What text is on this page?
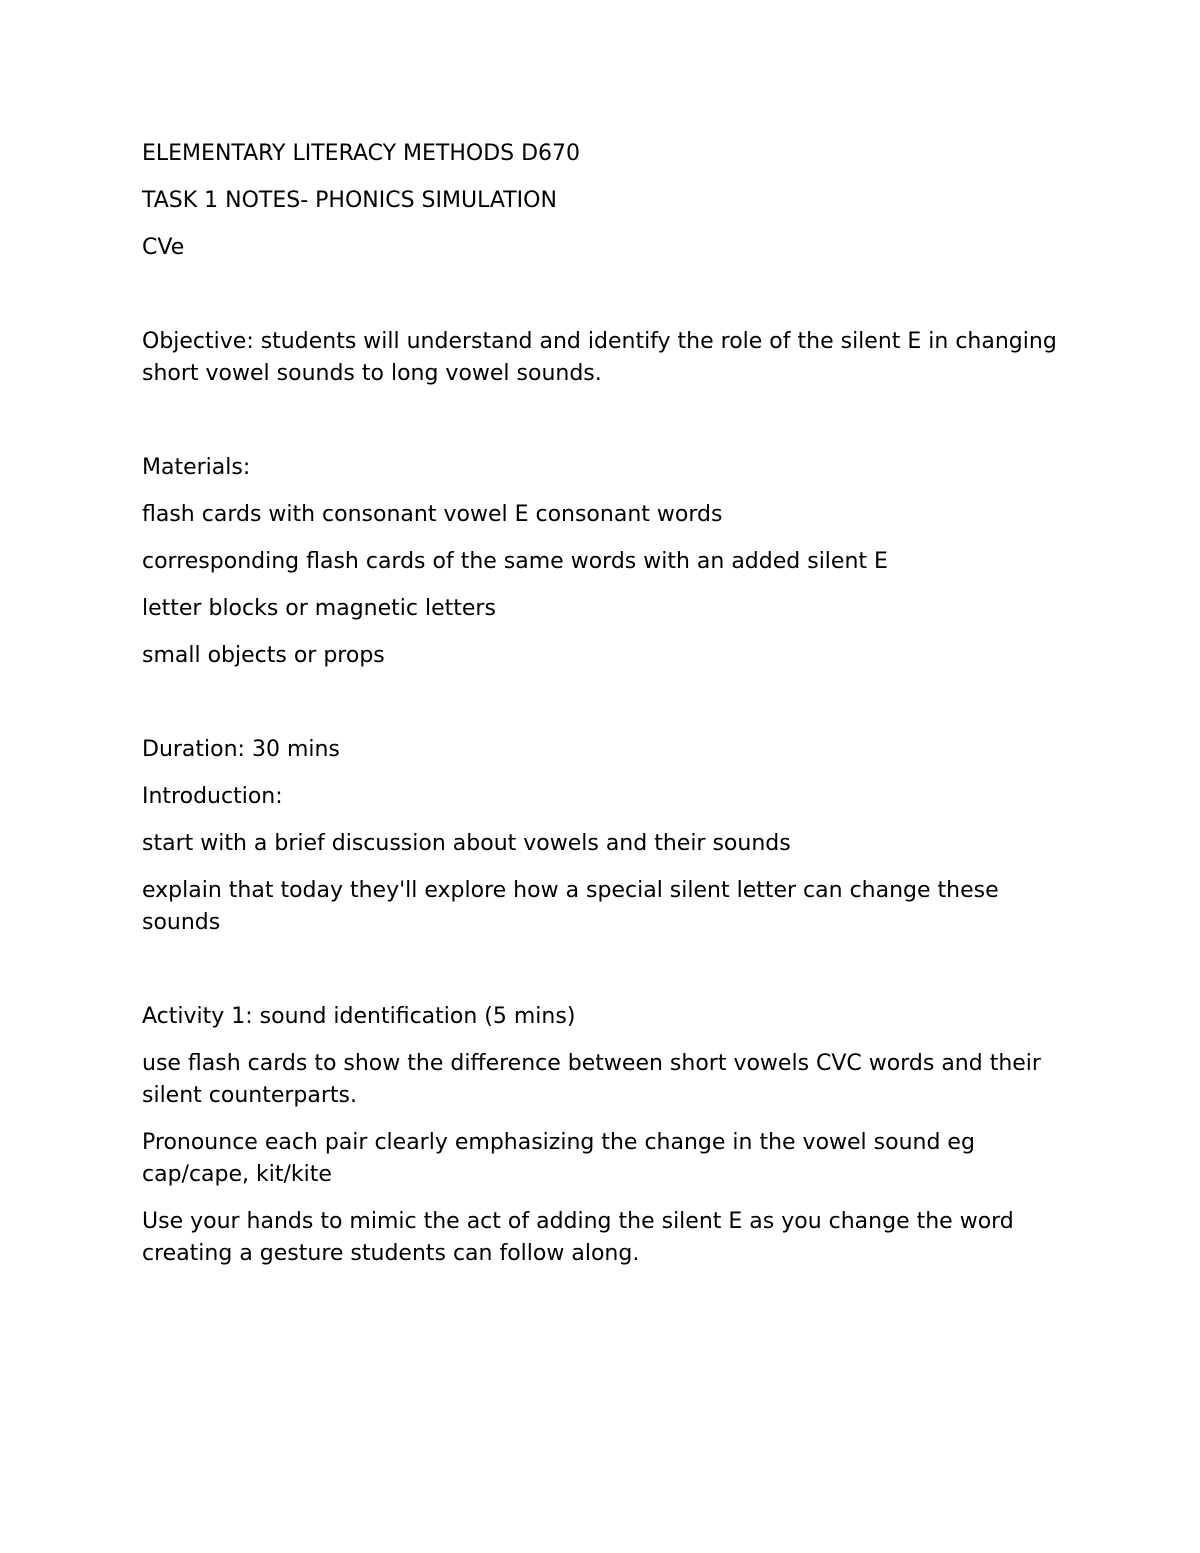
ELEMENTARY LITERACY METHODS D670

TASK 1 NOTES- PHONICS SIMULATION

CVe

Objective: students will understand and identify the role of the silent E in changing short vowel sounds to long vowel sounds.

Materials:

flash cards with consonant vowel E consonant words

corresponding flash cards of the same words with an added silent E

letter blocks or magnetic letters

small objects or props

Duration: 30 mins

Introduction:

start with a brief discussion about vowels and their sounds

explain that today they'll explore how a special silent letter can change these sounds

Activity 1: sound identification (5 mins)

use flash cards to show the difference between short vowels CVC words and their silent counterparts.

Pronounce each pair clearly emphasizing the change in the vowel sound eg cap/cape, kit/kite

Use your hands to mimic the act of adding the silent E as you change the word creating a gesture students can follow along.
